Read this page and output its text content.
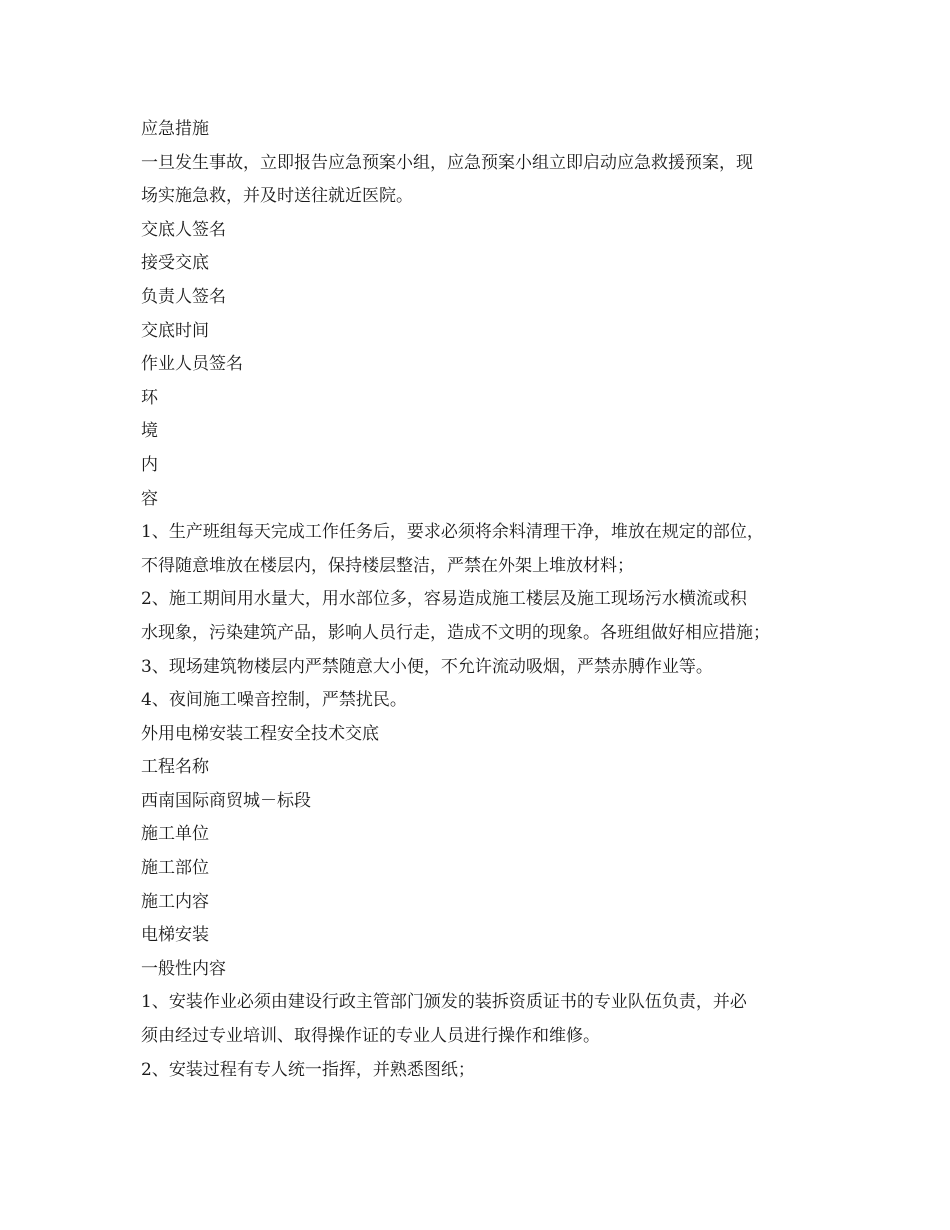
应急措施
一旦发生事故，立即报告应急预案小组，应急预案小组立即启动应急救援预案，现
场实施急救，并及时送往就近医院。
交底人签名
接受交底
负责人签名
交底时间
作业人员签名
环
境
内
容
1、生产班组每天完成工作任务后，要求必须将余料清理干净，堆放在规定的部位，
不得随意堆放在楼层内，保持楼层整洁，严禁在外架上堆放材料；
2、施工期间用水量大，用水部位多，容易造成施工楼层及施工现场污水横流或积
水现象，污染建筑产品，影响人员行走，造成不文明的现象。各班组做好相应措施；
3、现场建筑物楼层内严禁随意大小便，不允许流动吸烟，严禁赤膊作业等。
4、夜间施工噪音控制，严禁扰民。
外用电梯安装工程安全技术交底
工程名称
西南国际商贸城－标段
施工单位
施工部位
施工内容
电梯安装
一般性内容
1、安装作业必须由建设行政主管部门颁发的装拆资质证书的专业队伍负责，并必
须由经过专业培训、取得操作证的专业人员进行操作和维修。
2、安装过程有专人统一指挥，并熟悉图纸；
